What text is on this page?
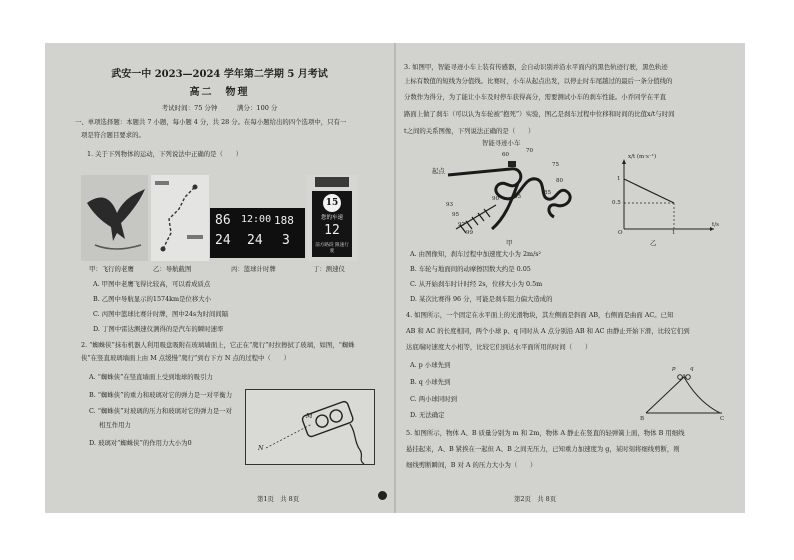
武安一中 2023—2024 学年第二学期 5 月考试
高二　物理
考试时间：75 分钟　　　满分：100 分
一、单项选择题：本题共 7 小题，每小题 4 分，共 28 分。在每小题给出的四个选项中，只有一
项是符合题目要求的。
1. 关于下列物体的运动，下列说法中正确的是（　　）
86 12:00 188
24 24 3
15
您的车速
12
前方路段 限速行驶
甲：飞行的老鹰	乙：导航截图	丙：篮球计时牌	丁：测速仪
A. 甲图中老鹰飞得比较高，可以看成质点
B. 乙图中导航显示的1574km是位移大小
C. 丙图中篮球比赛计时牌，图中24s为时间间隔
D. 丁图中雷达测速仪测得的是汽车的瞬时速率
2. “蜘蛛侠”抹布机器人利用吸盘吸附在玻璃墙面上，它正在“爬行”时拉擦拭了玻璃，如图，“蜘蛛
侠”在竖直玻璃墙面上由 M 点缓慢“爬行”到右下方 N 点的过程中（　　）
A. “蜘蛛侠”在竖直墙面上受到地球的吸引力
B. “蜘蛛侠”的重力和玻璃对它的弹力是一对平衡力
C. “蜘蛛侠”对玻璃的压力和玻璃对它的弹力是一对
相互作用力
D. 玻璃对“蜘蛛侠”的作用力大小为0
M
N
第1页　共 8页
3. 如图甲，智能寻迹小车上装有传感器，会自动识别并沿水平面内的黑色轨迹行驶，黑色轨迹
上标有数值的短线为分值线。比赛时，小车从起点出发，以停止时车尾越过的最后一条分值线的
分数作为得分，为了能让小车及时停车获得高分，需要测试小车的刹车性能。小乔同学在平直
路面上做了刹车（可以认为车轮被“抱死”）实验，图乙是刹车过程中位移和时间的比值x/t与时间
t之间的关系图像，下列说法正确的是（　　）
智能寻迹小车
起点
60
70
75
80
85
90	65
93
95
97
99
甲
x/t (m·s⁻¹)
1
0.5
t/s
O	1
乙
A. 由图像知，刹车过程中加速度大小为 2m/s²
B. 车轮与地面间的动摩擦因数大约是 0.05
C. 从开始刹车时计时经 2s，位移大小为 0.5m
D. 某次比赛得 96 分，可能是刹车阻力偏大造成的
4. 如图所示，一个固定在水平面上的光滑物块，其左侧面是斜面 AB，右侧面是曲面 AC。已知
AB 和 AC 的长度相同，两个小球 p、q 同时从 A 点分别沿 AB 和 AC 由静止开始下滑，比较它们到
达底端时速度大小相等，比较它们到达水平面所用的时间（　　）
A. p 小球先到
B. q 小球先到
C. 两小球同时到
D. 无法确定
p	q
A
B	C
5. 如图所示，物体 A、B 质量分别为 m 和 2m，物体 A 静止在竖直的轻弹簧上面，物体 B 用细线
悬挂起来，A、B 紧挨在一起但 A、B 之间无压力，已知重力加速度为 g，某时刻将细线剪断，则
细线剪断瞬间，B 对 A 的压力大小为（　　）
第2页　共 8页
